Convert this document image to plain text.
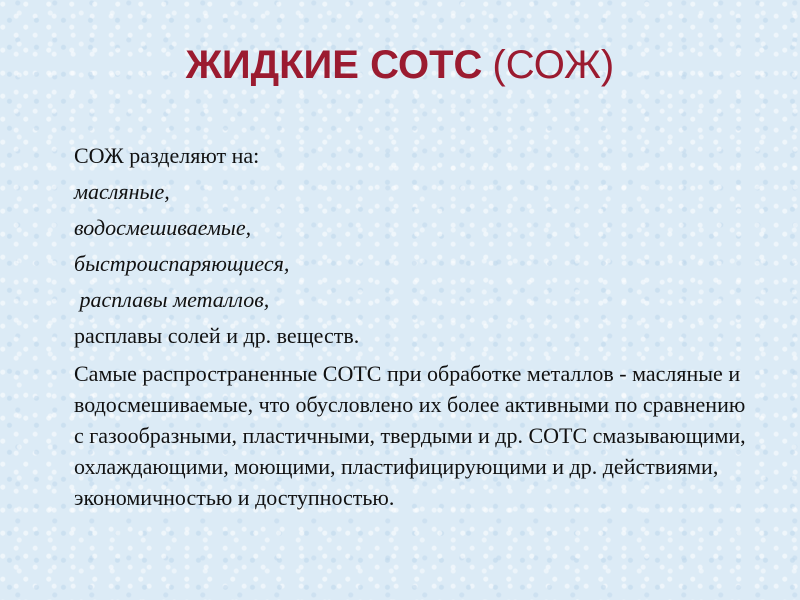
ЖИДКИЕ СОТС (СОЖ)
СОЖ разделяют на:
масляные,
водосмешиваемые,
быстроиспаряющиеся,
расплавы металлов,
расплавы солей и др. веществ.
Самые распространенные СОТС при обработке металлов - масляные и водосмешиваемые, что обусловлено их более активными по сравнению с газообразными, пластичными, твердыми и др. СОТС смазывающими, охлаждающими, моющими, пластифицирующими и др. действиями, экономичностью и доступностью.
